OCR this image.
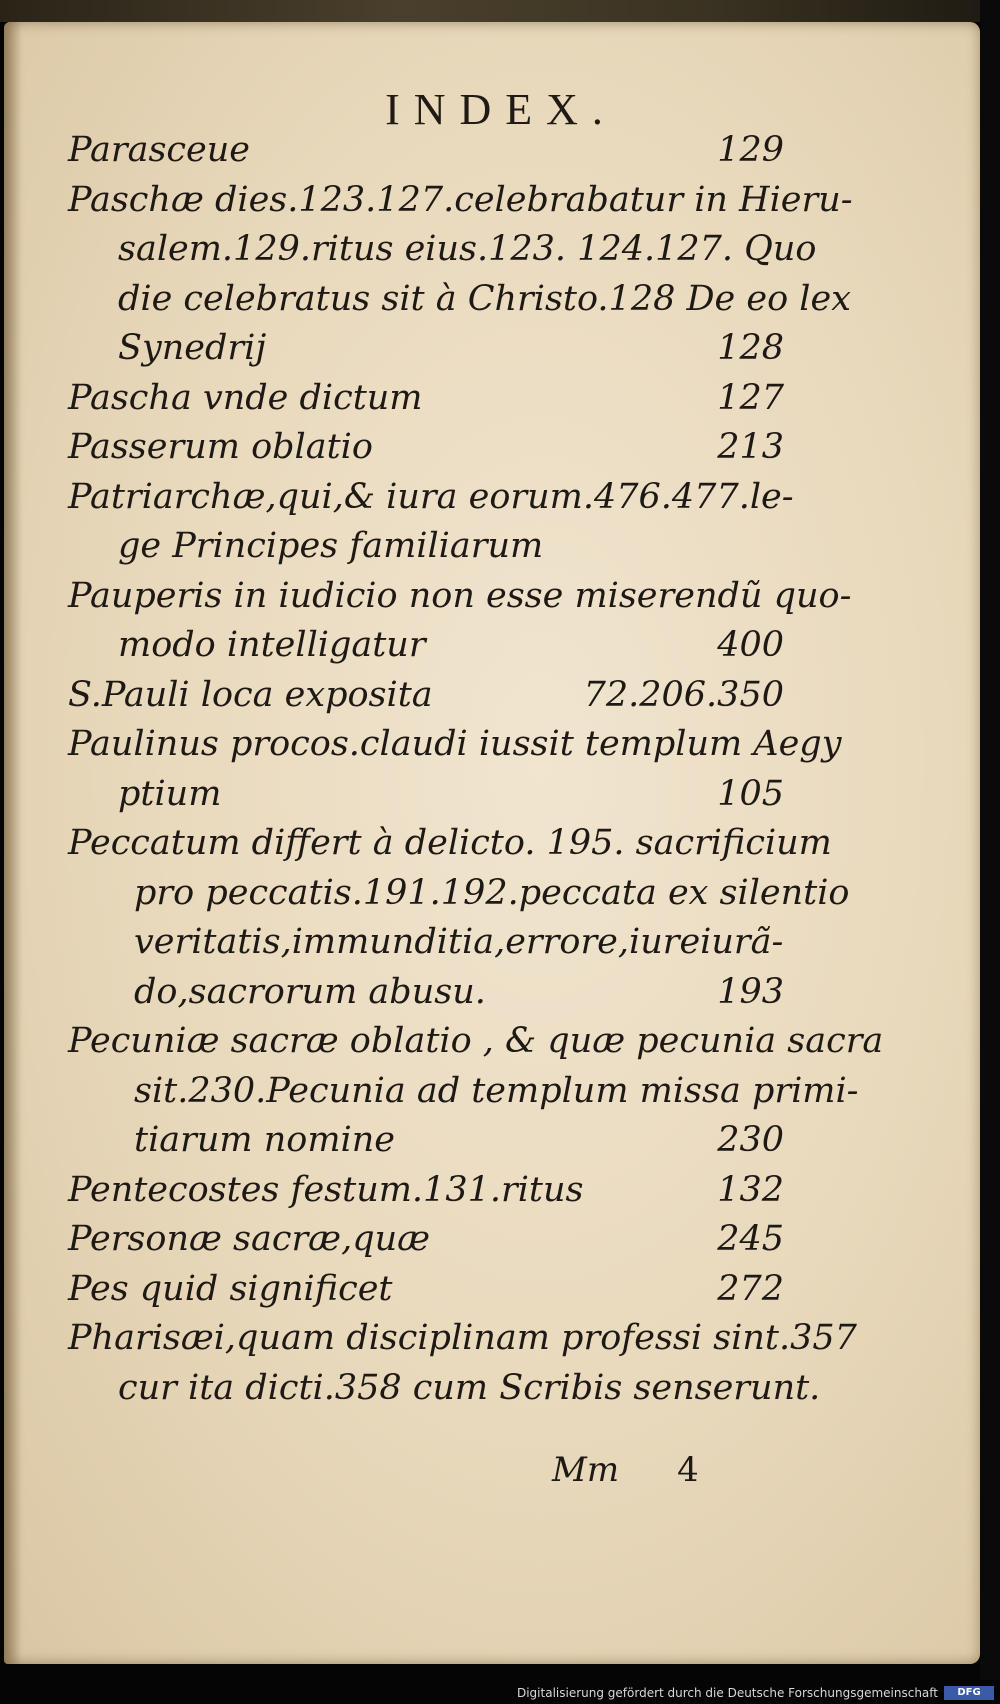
INDEX.
Parasceue	129
Paschæ dies.123.127.celebrabatur in Hieru-
salem.129.ritus eius.123. 124.127. Quo
die celebratus sit à Christo.128 De eo lex
Synedrij	128
Pascha vnde dictum	127
Passerum oblatio	213
Patriarchæ,qui,& iura eorum.476.477.le-
ge Principes familiarum
Pauperis in iudicio non esse miserendũ quo-
modo intelligatur	400
S.Pauli loca exposita	72.206.350
Paulinus procos.claudi iussit templum Aegy
ptium	105
Peccatum differt à delicto. 195. sacrificium
pro peccatis.191.192.peccata ex silentio
veritatis,immunditia,errore,iureiurã-
do,sacrorum abusu.	193
Pecuniæ sacræ oblatio , & quæ pecunia sacra
sit.230.Pecunia ad templum missa primi-
tiarum nomine	230
Pentecostes festum.131.ritus	132
Personæ sacræ,quæ	245
Pes quid significet	272
Pharisæi,quam disciplinam professi sint.357
cur ita dicti.358 cum Scribis senserunt.
Mm 4
Digitalisierung gefördert durch die Deutsche Forschungsgemeinschaft	DFG
